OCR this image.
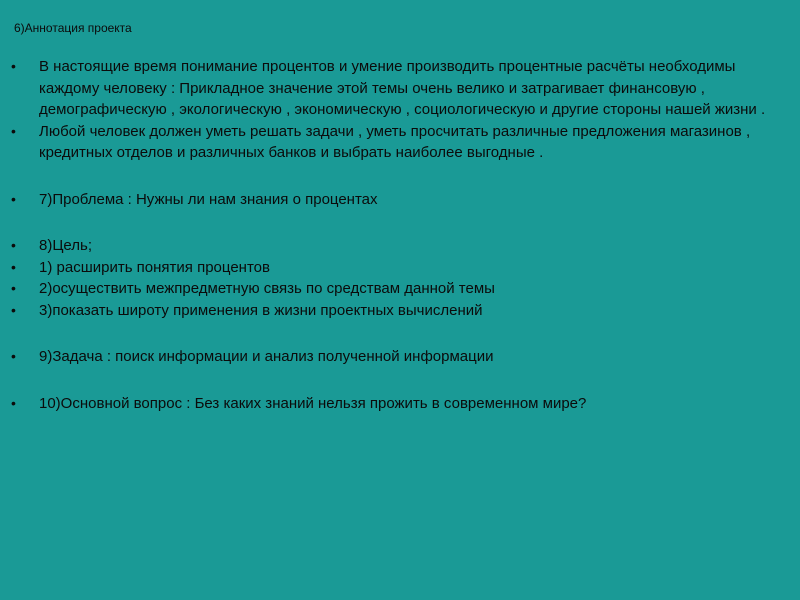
6)Аннотация проекта
• В настоящие время понимание процентов и умение производить процентные расчёты необходимы каждому человеку : Прикладное значение этой темы очень велико и затрагивает финансовую , демографическую , экологическую , экономическую , социологическую и другие стороны нашей жизни .
• Любой человек должен уметь решать задачи , уметь просчитать различные предложения магазинов , кредитных отделов и различных банков и выбрать наиболее выгодные .
• 7)Проблема : Нужны ли нам знания о процентах
• 8)Цель;
• 1) расширить понятия процентов
• 2)осуществить межпредметную связь по средствам данной темы
• 3)показать широту применения в жизни проектных вычислений
• 9)Задача : поиск информации и анализ полученной информации
• 10)Основной вопрос : Без каких знаний нельзя прожить в современном мире?
